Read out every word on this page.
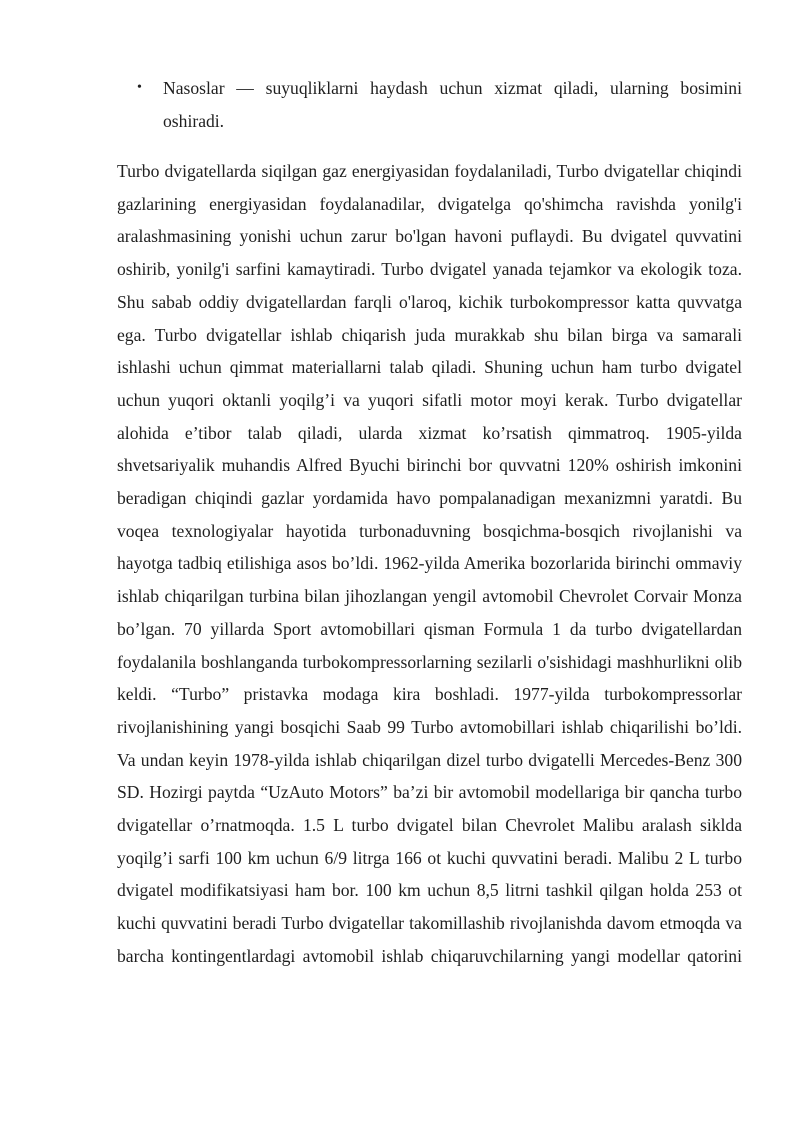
• Nasoslar — suyuqliklarni haydash uchun xizmat qiladi, ularning bosimini oshiradi.

Turbo dvigatellarda siqilgan gaz energiyasidan foydalaniladi, Turbo dvigatellar chiqindi gazlarining energiyasidan foydalanadilar, dvigatelga qo'shimcha ravishda yonilg'i aralashmasining yonishi uchun zarur bo'lgan havoni puflaydi. Bu dvigatel quvvatini oshirib, yonilg'i sarfini kamaytiradi. Turbo dvigatel yanada tejamkor va ekologik toza. Shu sabab oddiy dvigatellardan farqli o'laroq, kichik turbokompressor katta quvvatga ega. Turbo dvigatellar ishlab chiqarish juda murakkab shu bilan birga va samarali ishlashi uchun qimmat materiallarni talab qiladi. Shuning uchun ham turbo dvigatel uchun yuqori oktanli yoqilg’i va yuqori sifatli motor moyi kerak. Turbo dvigatellar alohida e’tibor talab qiladi, ularda xizmat ko’rsatish qimmatroq. 1905-yilda shvetsariyalik muhandis Alfred Byuchi birinchi bor quvvatni 120% oshirish imkonini beradigan chiqindi gazlar yordamida havo pompalanadigan mexanizmni yaratdi. Bu voqea texnologiyalar hayotida turbonaduvning bosqichma-bosqich rivojlanishi va hayotga tadbiq etilishiga asos bo’ldi. 1962-yilda Amerika bozorlarida birinchi ommaviy ishlab chiqarilgan turbina bilan jihozlangan yengil avtomobil Chevrolet Corvair Monza bo’lgan. 70 yillarda Sport avtomobillari qisman Formula 1 da turbo dvigatellardan foydalanila boshlanganda turbokompressorlarning sezilarli o'sishidagi mashhurlikni olib keldi. “Turbo” pristavka modaga kira boshladi. 1977-yilda turbokompressorlar rivojlanishining yangi bosqichi Saab 99 Turbo avtomobillari ishlab chiqarilishi bo’ldi. Va undan keyin 1978-yilda ishlab chiqarilgan dizel turbo dvigatelli Mercedes-Benz 300 SD. Hozirgi paytda “UzAuto Motors” ba’zi bir avtomobil modellariga bir qancha turbo dvigatellar o’rnatmoqda. 1.5 L turbo dvigatel bilan Chevrolet Malibu aralash siklda yoqilg’i sarfi 100 km uchun 6/9 litrga 166 ot kuchi quvvatini beradi. Malibu 2 L turbo dvigatel modifikatsiyasi ham bor. 100 km uchun 8,5 litrni tashkil qilgan holda 253 ot kuchi quvvatini beradi Turbo dvigatellar takomillashib rivojlanishda davom etmoqda va barcha kontingentlardagi avtomobil ishlab chiqaruvchilarning yangi modellar qatorini
